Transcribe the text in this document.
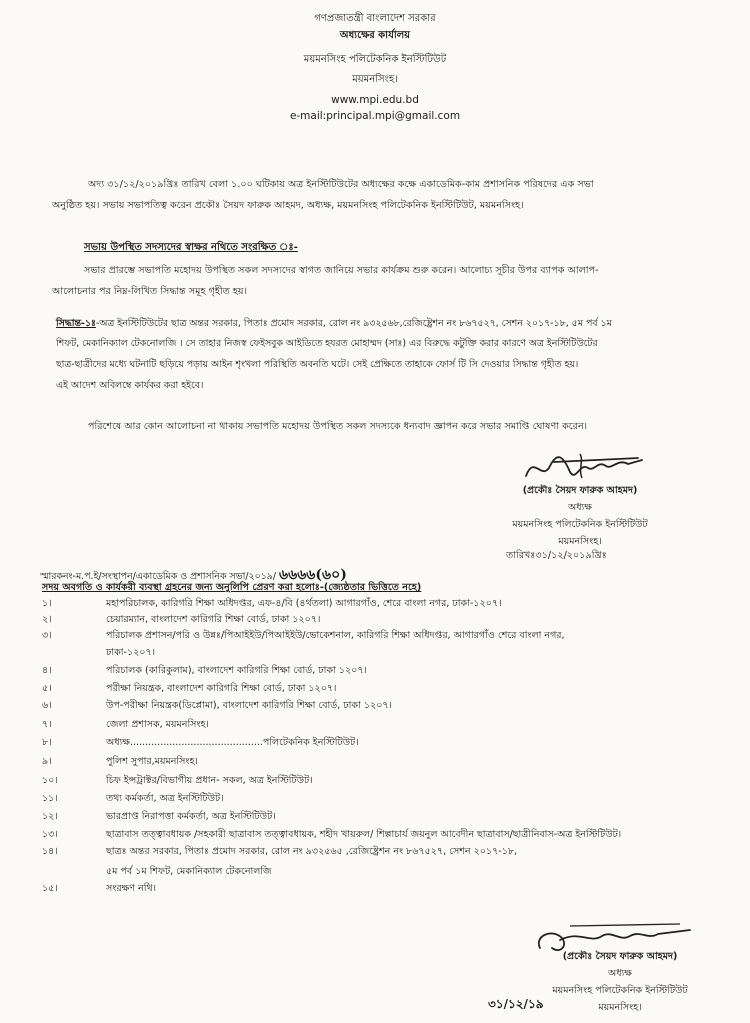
গণপ্রজাতন্ত্রী বাংলাদেশ সরকার
অধ্যক্ষের কার্যালয়
ময়মনসিংহ পলিটেকনিক ইনস্টিটিউট
ময়মনসিংহ।
www.mpi.edu.bd
e-mail:principal.mpi@gmail.com
অদ্য ৩১/১২/২০১৯খ্রিঃ তারিখ বেলা ১.০০ ঘটিকায় অত্র ইনস্টিটিউটের অধ্যক্ষের কক্ষে একাডেমিক-কাম প্রশাসনিক পরিষদের এক সভা
অনুষ্ঠিত হয়। সভায় সভাপতিত্ব করেন প্রকৌঃ সৈয়দ ফারুক আহমদ, অধ্যক্ষ, ময়মনসিংহ পলিটেকনিক ইনস্টিটিউট, ময়মনসিংহ।
সভায় উপস্থিত সদস্যদের স্বাক্ষর নথিতে সংরক্ষিত ঃ-
সভার প্রারম্ভে সভাপতি মহোদয় উপস্থিত সকল সদস্যদের স্বাগত জানিয়ে সভার কার্যক্রম শুরু করেন। আলোচ্য সূচীর উপর ব্যাপক আলাপ-
আলোচনার পর নিম্ন-লিখিত সিদ্ধান্ত সমূহ গৃহীত হয়।
সিদ্ধান্ত-১ঃ-অত্র ইনস্টিটিউটের ছাত্র অন্তর সরকার, পিতাঃ প্রমোদ সরকার, রোল নং ৯৩২৫৬৮,রেজিষ্ট্রেশন নং ৮৬৭৫২৭, সেশন ২০১৭-১৮, ৫ম পর্ব ১ম
শিফট, মেকানিক্যাল টেকনোলজি । সে তাহার নিজস্ব ফেইসবুক আইডিতে হযরত মোহাম্মদ (সাঃ) এর বিরুদ্ধে কটুক্তি করার কারণে অত্র ইনস্টিটিউটের
ছাত্র-ছাত্রীদের মধ্যে ঘটনাটি ছড়িয়ে পড়ায় আইন শৃংখলা পরিস্থিতি অবনতি ঘটে। সেই প্রেক্ষিতে তাহাকে ফোর্স টি সি দেওয়ার সিদ্ধান্ত গৃহীত হয়।
এই আদেশ অবিলম্বে কার্যকর করা হইবে।
পরিশেষে আর কোন আলোচনা না থাকায় সভাপতি মহোদয় উপস্থিত সকল সদস্যকে ধন্যবাদ জ্ঞাপন করে সভার সমাপ্তি ঘোষণা করেন।
(প্রকৌঃ সৈয়দ ফারুক আহমদ)
অধ্যক্ষ
ময়মনসিংহ পলিটেকনিক ইনস্টিটিউট
ময়মনসিংহ।
স্মারকনং-ম.প.ই/সংস্থাপন/একাডেমিক ও প্রশাসনিক সভা/২০১৯/ ৬৬৬৬(৬০)
তারিখঃ৩১/১২/২০১৯খ্রিঃ
সদয় অবগতি ও কার্যকরী ব্যবস্থা গ্রহনের জন্য অনুলিপি প্রেরণ করা হলোঃ-(জ্যেষ্ঠতার ভিত্তিতে নহে)
১।	মহাপরিচালক, কারিগরি শিক্ষা অধিদপ্তর, এফ-৪/বি (৪র্থতলা) আগারগাঁও, শেরে বাংলা নগর, ঢাকা-১২০৭।
২।	চেয়ারম্যান, বাংলাদেশ কারিগরি শিক্ষা বোর্ড, ঢাকা ১২০৭।
৩।	পরিচালক প্রশাসন/পরি ও উন্নঃ/পিআইইউ/পিআইইউ/ভোকেশনাল, কারিগরি শিক্ষা অধিদপ্তর, আগারগাঁও শেরে বাংলা নগর,
ঢাকা-১২০৭।
৪।	পরিচালক (কারিকুলাম), বাংলাদেশ কারিগরি শিক্ষা বোর্ড, ঢাকা ১২০৭।
৫।	পরীক্ষা নিয়ন্ত্রক, বাংলাদেশ কারিগরি শিক্ষা বোর্ড, ঢাকা ১২০৭।
৬।	উপ-পরীক্ষা নিয়ন্ত্রক(ডিপ্লোমা), বাংলাদেশ কারিগরি শিক্ষা বোর্ড, ঢাকা ১২০৭।
৭।	জেলা প্রশাসক, ময়মনসিংহ।
৮।	অধ্যক্ষ............................................পলিটেকনিক ইনস্টিটিউট।
৯।	পুলিশ সুপার,ময়মনসিংহ।
১০।	চিফ ইন্সট্রাক্টর/বিভাগীয় প্রধান- সকল, অত্র ইনস্টিটিউট।
১১।	তথ্য কর্মকর্তা, অত্র ইনস্টিটিউট।
১২।	ভারপ্রাপ্ত নিরাপত্তা কর্মকর্তা, অত্র ইনস্টিটিউট।
১৩।	ছাত্রাবাস তত্ত্বাবধায়ক /সহকারী ছাত্রাবাস তত্ত্বাবধায়ক, শহীদ খায়রুল/ শিল্পাচার্য জয়নুল আবেদীন ছাত্রাবাস/ছাত্রীনিবাস-অত্র ইনস্টিটিউট।
১৪।	ছাত্রঃ অন্তর সরকার, পিতাঃ প্রমোদ সরকার, রোল নং ৯৩২৫৬৫ ,রেজিষ্ট্রেশন নং ৮৬৭৫২৭, সেশন ২০১৭-১৮,
৫ম পর্ব ১ম শিফট, মেকানিক্যাল টেকনোলজি
১৫।	সংরক্ষণ নথি।
(প্রকৌঃ সৈয়দ ফারুক আহমদ)
অধ্যক্ষ
ময়মনসিংহ পলিটেকনিক ইনস্টিটিউট
ময়মনসিংহ।
৩১/১২/১৯
